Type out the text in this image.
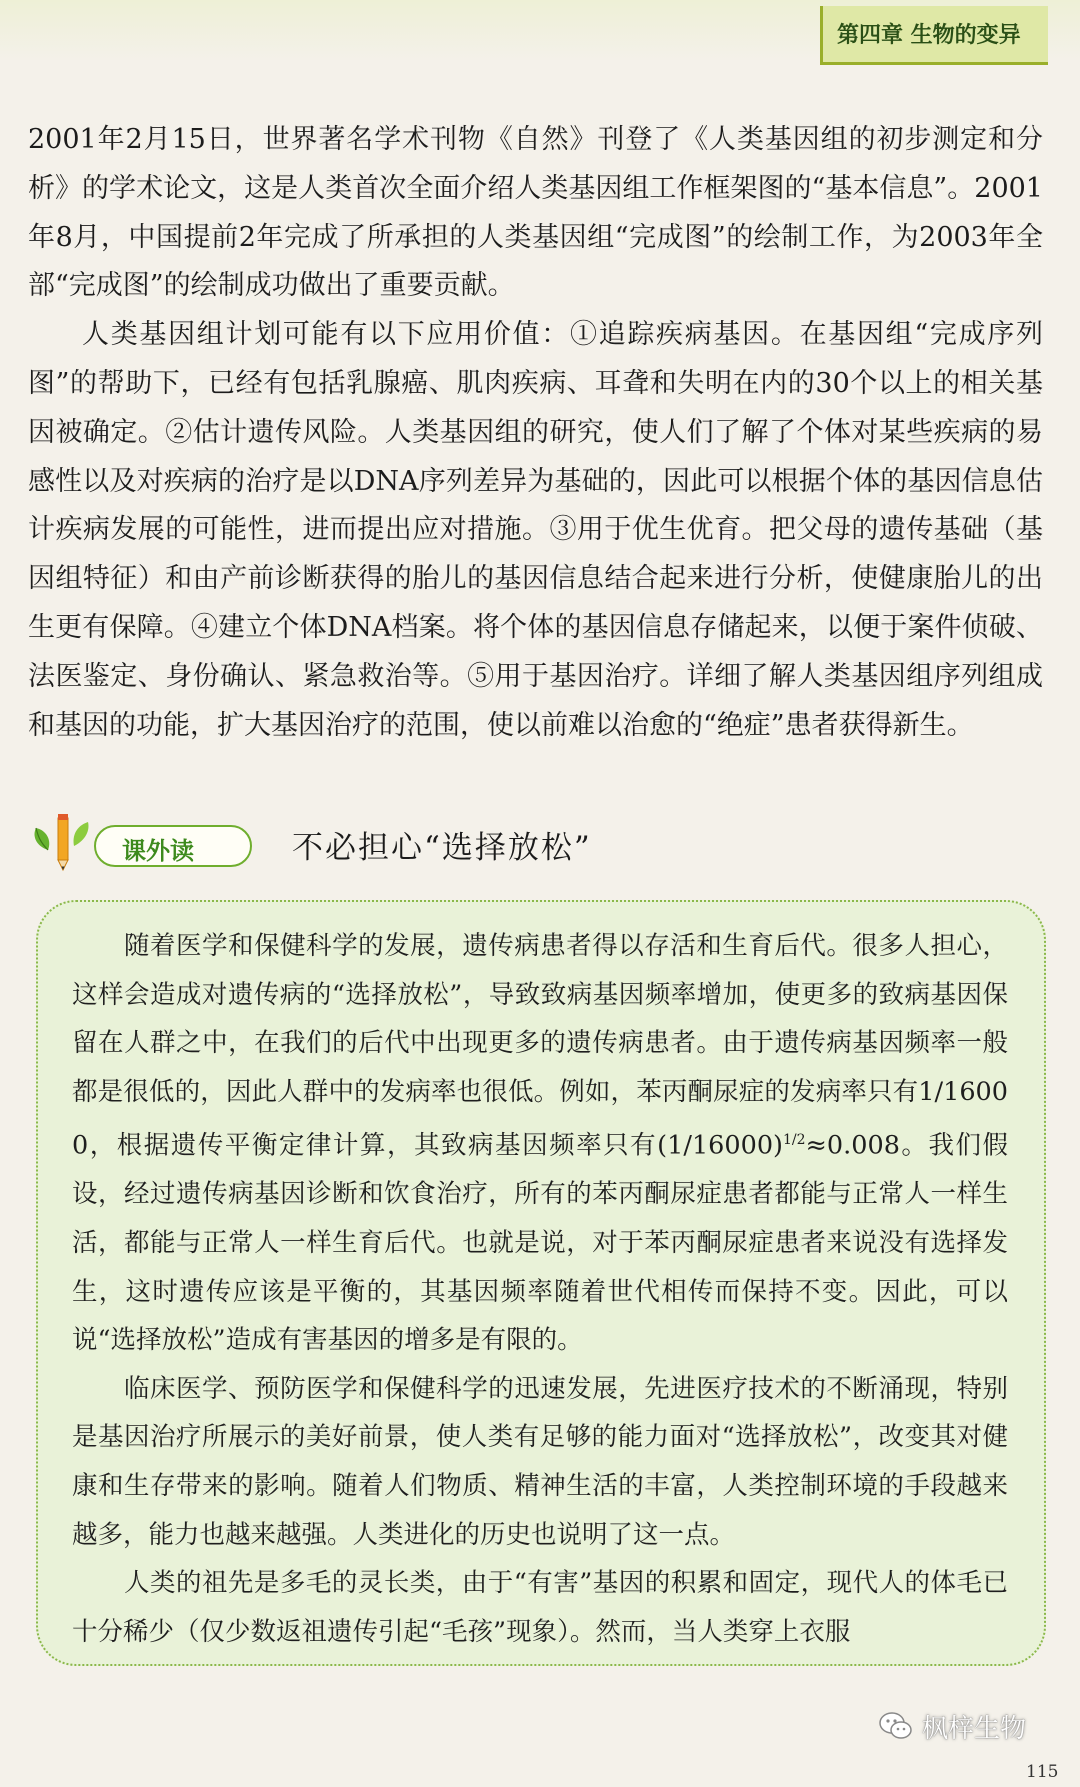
第四章 生物的变异

2001年2月15日，世界著名学术刊物《自然》刊登了《人类基因组的初步测定和分析》的学术论文，这是人类首次全面介绍人类基因组工作框架图的“基本信息”。2001年8月，中国提前2年完成了所承担的人类基因组“完成图”的绘制工作，为2003年全部“完成图”的绘制成功做出了重要贡献。

人类基因组计划可能有以下应用价值：①追踪疾病基因。在基因组“完成序列图”的帮助下，已经有包括乳腺癌、肌肉疾病、耳聋和失明在内的30个以上的相关基因被确定。②估计遗传风险。人类基因组的研究，使人们了解了个体对某些疾病的易感性以及对疾病的治疗是以DNA序列差异为基础的，因此可以根据个体的基因信息估计疾病发展的可能性，进而提出应对措施。③用于优生优育。把父母的遗传基础（基因组特征）和由产前诊断获得的胎儿的基因信息结合起来进行分析，使健康胎儿的出生更有保障。④建立个体DNA档案。将个体的基因信息存储起来，以便于案件侦破、法医鉴定、身份确认、紧急救治等。⑤用于基因治疗。详细了解人类基因组序列组成和基因的功能，扩大基因治疗的范围，使以前难以治愈的“绝症”患者获得新生。

课外读	不必担心“选择放松”

随着医学和保健科学的发展，遗传病患者得以存活和生育后代。很多人担心，这样会造成对遗传病的“选择放松”，导致致病基因频率增加，使更多的致病基因保留在人群之中，在我们的后代中出现更多的遗传病患者。由于遗传病基因频率一般都是很低的，因此人群中的发病率也很低。例如，苯丙酮尿症的发病率只有1/16000，根据遗传平衡定律计算，其致病基因频率只有$(1/16000)^{1/2}\approx 0.008$。我们假设，经过遗传病基因诊断和饮食治疗，所有的苯丙酮尿症患者都能与正常人一样生活，都能与正常人一样生育后代。也就是说，对于苯丙酮尿症患者来说没有选择发生，这时遗传应该是平衡的，其基因频率随着世代相传而保持不变。因此，可以说“选择放松”造成有害基因的增多是有限的。

临床医学、预防医学和保健科学的迅速发展，先进医疗技术的不断涌现，特别是基因治疗所展示的美好前景，使人类有足够的能力面对“选择放松”，改变其对健康和生存带来的影响。随着人们物质、精神生活的丰富，人类控制环境的手段越来越多，能力也越来越强。人类进化的历史也说明了这一点。

人类的祖先是多毛的灵长类，由于“有害”基因的积累和固定，现代人的体毛已十分稀少（仅少数返祖遗传引起“毛孩”现象）。然而，当人类穿上衣服

枫梓生物
115
